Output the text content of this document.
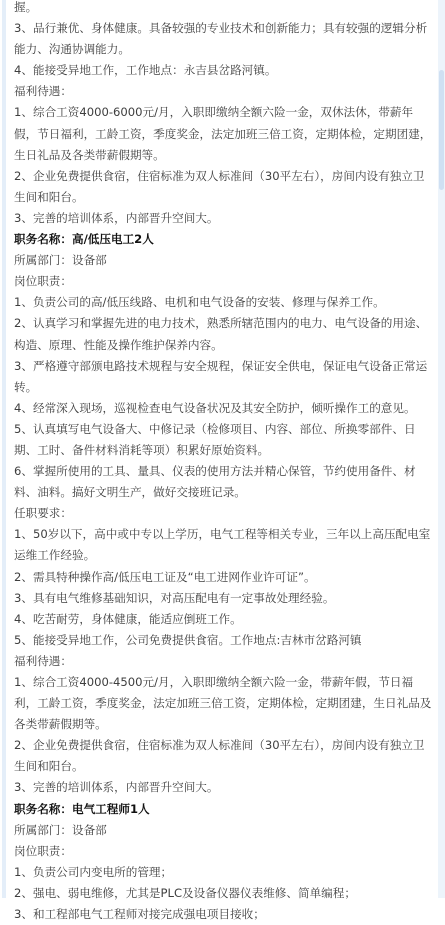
握。
3、品行兼优、身体健康。具备较强的专业技术和创新能力；具有较强的逻辑分析能力、沟通协调能力。
4、能接受异地工作，工作地点：永吉县岔路河镇。
福利待遇：
1、综合工资4000-6000元/月，入职即缴纳全额六险一金，双休法休，带薪年假，节日福利，工龄工资，季度奖金，法定加班三倍工资，定期体检，定期团建，生日礼品及各类带薪假期等。
2、企业免费提供食宿，住宿标准为双人标准间（30平左右），房间内设有独立卫生间和阳台。
3、完善的培训体系，内部晋升空间大。
职务名称：高/低压电工2人
所属部门：设备部
岗位职责：
1、负责公司的高/低压线路、电机和电气设备的安装、修理与保养工作。
2、认真学习和掌握先进的电力技术，熟悉所辖范围内的电力、电气设备的用途、构造、原理、性能及操作维护保养内容。
3、严格遵守部颁电路技术规程与安全规程，保证安全供电，保证电气设备正常运转。
4、经常深入现场，巡视检查电气设备状况及其安全防护，倾听操作工的意见。
5、认真填写电气设备大、中修记录（检修项目、内容、部位、所换零部件、日期、工时、备件材料消耗等项）积累好原始资料。
6、掌握所使用的工具、量具、仪表的使用方法并精心保管，节约使用备件、材料、油料。搞好文明生产，做好交接班记录。
任职要求：
1、50岁以下，高中或中专以上学历，电气工程等相关专业，三年以上高压配电室运维工作经验。
2、需具特种操作高/低压电工证及“电工进网作业许可证”。
3、具有电气维修基础知识，对高压配电有一定事故处理经验。
4、吃苦耐劳，身体健康，能适应倒班工作。
5、能接受异地工作，公司免费提供食宿。工作地点:吉林市岔路河镇
福利待遇：
1、综合工资4000-4500元/月，入职即缴纳全额六险一金，带薪年假，节日福利，工龄工资，季度奖金，法定加班三倍工资，定期体检，定期团建，生日礼品及各类带薪假期等。
2、企业免费提供食宿，住宿标准为双人标准间（30平左右），房间内设有独立卫生间和阳台。
3、完善的培训体系，内部晋升空间大。
职务名称：电气工程师1人
所属部门：设备部
岗位职责：
1、负责公司内变电所的管理；
2、强电、弱电维修，尤其是PLC及设备仪器仪表维修、简单编程；
3、和工程部电气工程师对接完成强电项目接收；
